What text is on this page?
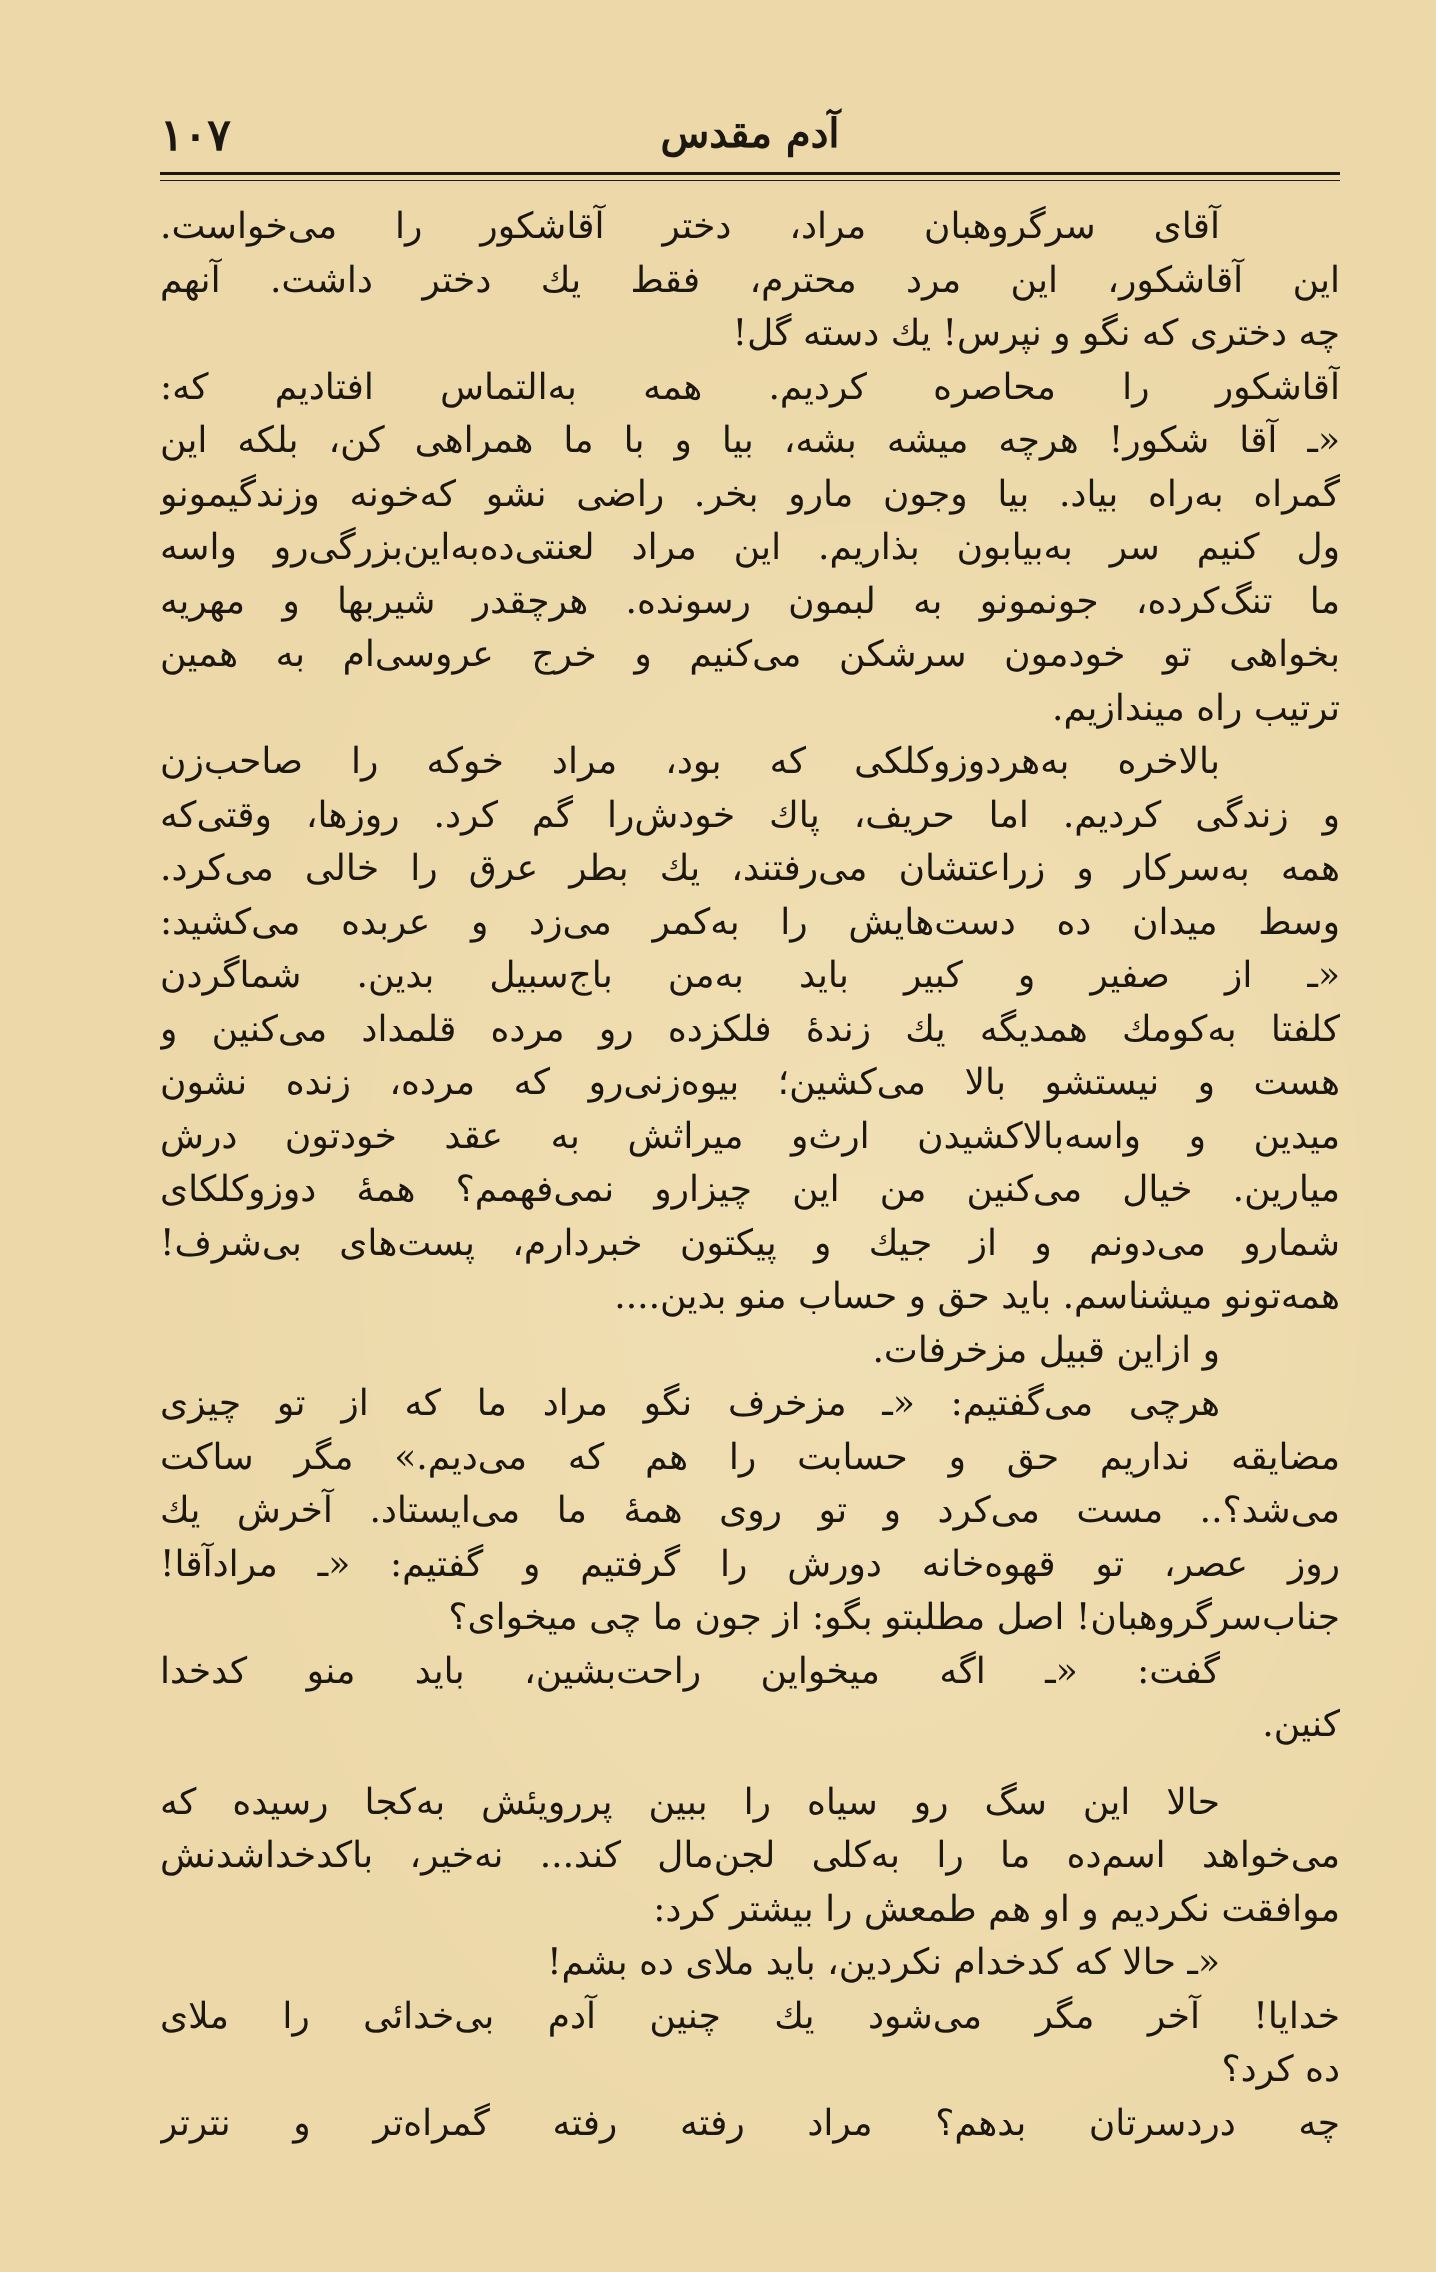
۱۰۷	آدم مقدس
آقای سرگروهبان مراد، دختر آقاشکور را می‌خواست.
این آقاشکور، این مرد محترم، فقط یك دختر داشت. آنهم
چه دختری که نگو و نپرس! یك دسته گل!
آقاشکور را محاصره کردیم. همه به‌التماس افتادیم که:
«ـ آقا شکور! هرچه میشه بشه، بیا و با ما همراهی کن، بلکه این
گمراه به‌راه بیاد. بیا وجون مارو بخر. راضی نشو که‌خونه وزندگیمونو
ول کنیم سر به‌بیابون بذاریم. این مراد لعنتی‌ده‌به‌این‌بزرگی‌رو واسه
ما تنگ‌کرده، جونمونو به لبمون رسونده. هرچقدر شیربها و مهریه
بخواهی تو خودمون سرشکن می‌کنیم و خرج عروسی‌ام به همین
ترتیب راه میندازیم.
بالاخره به‌هردوزوکلکی که بود، مراد خوکه را صاحب‌زن
و زندگی کردیم. اما حریف، پاك خودش‌را گم کرد. روزها، وقتی‌که
همه به‌سرکار و زراعتشان می‌رفتند، یك بطر عرق را خالی می‌کرد.
وسط میدان ده دست‌هایش را به‌کمر می‌زد و عربده می‌کشید:
«ـ از صفیر و کبیر باید به‌من باج‌سبیل بدین. شماگردن
کلفتا به‌کومك همدیگه یك زندهٔ فلکزده رو مرده قلمداد می‌کنین و
هست و نیستشو بالا می‌کشین؛ بیوه‌زنی‌رو که مرده، زنده نشون
میدین و واسه‌بالاکشیدن ارث‌و میراثش به عقد خودتون درش
میارین. خیال می‌کنین من این چیزارو نمی‌فهمم؟ همهٔ دوزوکلکای
شمارو می‌دونم و از جیك و پیکتون خبردارم، پست‌های بی‌شرف!
همه‌تونو میشناسم. باید حق و حساب منو بدین....
و ازاین قبیل مزخرفات.
هرچی می‌گفتیم: «ـ مزخرف نگو مراد ما که از تو چیزی
مضایقه نداریم حق و حسابت را هم که می‌دیم.» مگر ساکت
می‌شد؟.. مست می‌کرد و تو روی همهٔ ما می‌ایستاد. آخرش یك
روز عصر، تو قهوه‌خانه دورش را گرفتیم و گفتیم: «ـ مرادآقا!
جناب‌سرگروهبان! اصل مطلبتو بگو: از جون ما چی میخوای؟
گفت: «ـ اگه میخواین راحت‌بشین، باید منو کدخدا
کنین.
حالا این سگ رو سیاه را ببین پررویئش به‌کجا رسیده که
می‌خواهد اسم‌ده ما را به‌کلی لجن‌مال کند... نه‌خیر، باکدخداشدنش
موافقت نکردیم و او هم طمعش را بیشتر کرد:
«ـ حالا که کدخدام نکردین، باید ملای ده بشم!
خدایا! آخر مگر می‌شود یك چنین آدم بی‌خدائی را ملای
ده کرد؟
چه دردسرتان بدهم؟ مراد رفته رفته گمراه‌تر و نترتر
